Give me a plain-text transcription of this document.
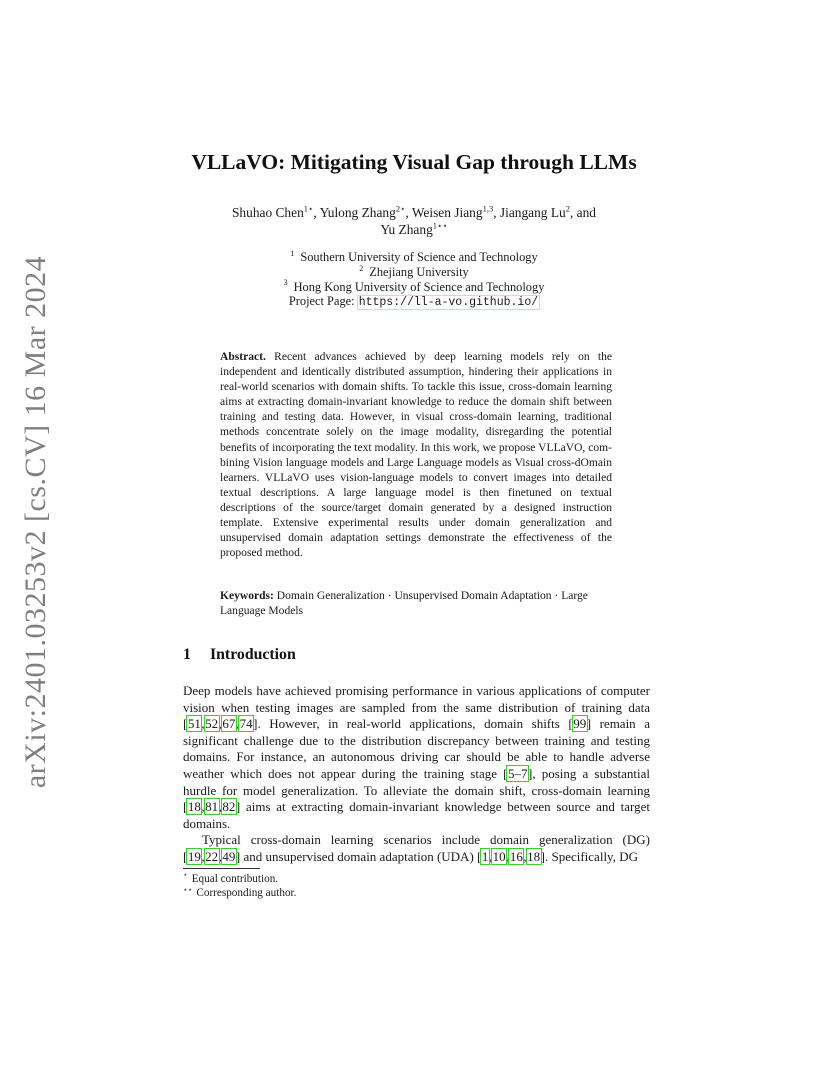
arXiv:2401.03253v2 [cs.CV] 16 Mar 2024
VLLaVO: Mitigating Visual Gap through LLMs
Shuhao Chen$^{1⋆}$, Yulong Zhang$^{2⋆}$, Weisen Jiang$^{1,3}$, Jiangang Lu$^2$, and
Yu Zhang$^{1⋆⋆}$
$^1$ Southern University of Science and Technology
$^2$ Zhejiang University
$^3$ Hong Kong University of Science and Technology
Project Page: https://ll-a-vo.github.io/
Abstract. Recent advances achieved by deep learning models rely on the independent and identically distributed assumption, hindering their applications in real-world scenarios with domain shifts. To tackle this issue, cross-domain learning aims at extracting domain-invariant knowledge to reduce the domain shift between training and testing data. However, in visual cross-domain learning, traditional methods concentrate solely on the image modality, disregarding the potential benefits of incorporating the text modality. In this work, we propose VLLaVO, combining Vision language models and Large Language models as Visual cross-dOmain learners. VLLaVO uses vision-language models to convert images into detailed textual descriptions. A large language model is then finetuned on textual descriptions of the source/target domain generated by a designed instruction template. Extensive experimental results under domain generalization and unsupervised domain adaptation settings demonstrate the effectiveness of the proposed method.
Keywords: Domain Generalization · Unsupervised Domain Adaptation · Large Language Models
1 Introduction

Deep models have achieved promising performance in various applications of computer vision when testing images are sampled from the same distribution of training data [51,52,67,74]. However, in real-world applications, domain shifts [99] remain a significant challenge due to the distribution discrepancy between training and testing domains. For instance, an autonomous driving car should be able to handle adverse weather which does not appear during the training stage [5–7], posing a substantial hurdle for model generalization. To alleviate the domain shift, cross-domain learning [18,81,82] aims at extracting domain-invariant knowledge between source and target domains.

Typical cross-domain learning scenarios include domain generalization (DG) [19,22,49] and unsupervised domain adaptation (UDA) [1,10,16,18]. Specifically, DG

⋆ Equal contribution.
⋆⋆ Corresponding author.
